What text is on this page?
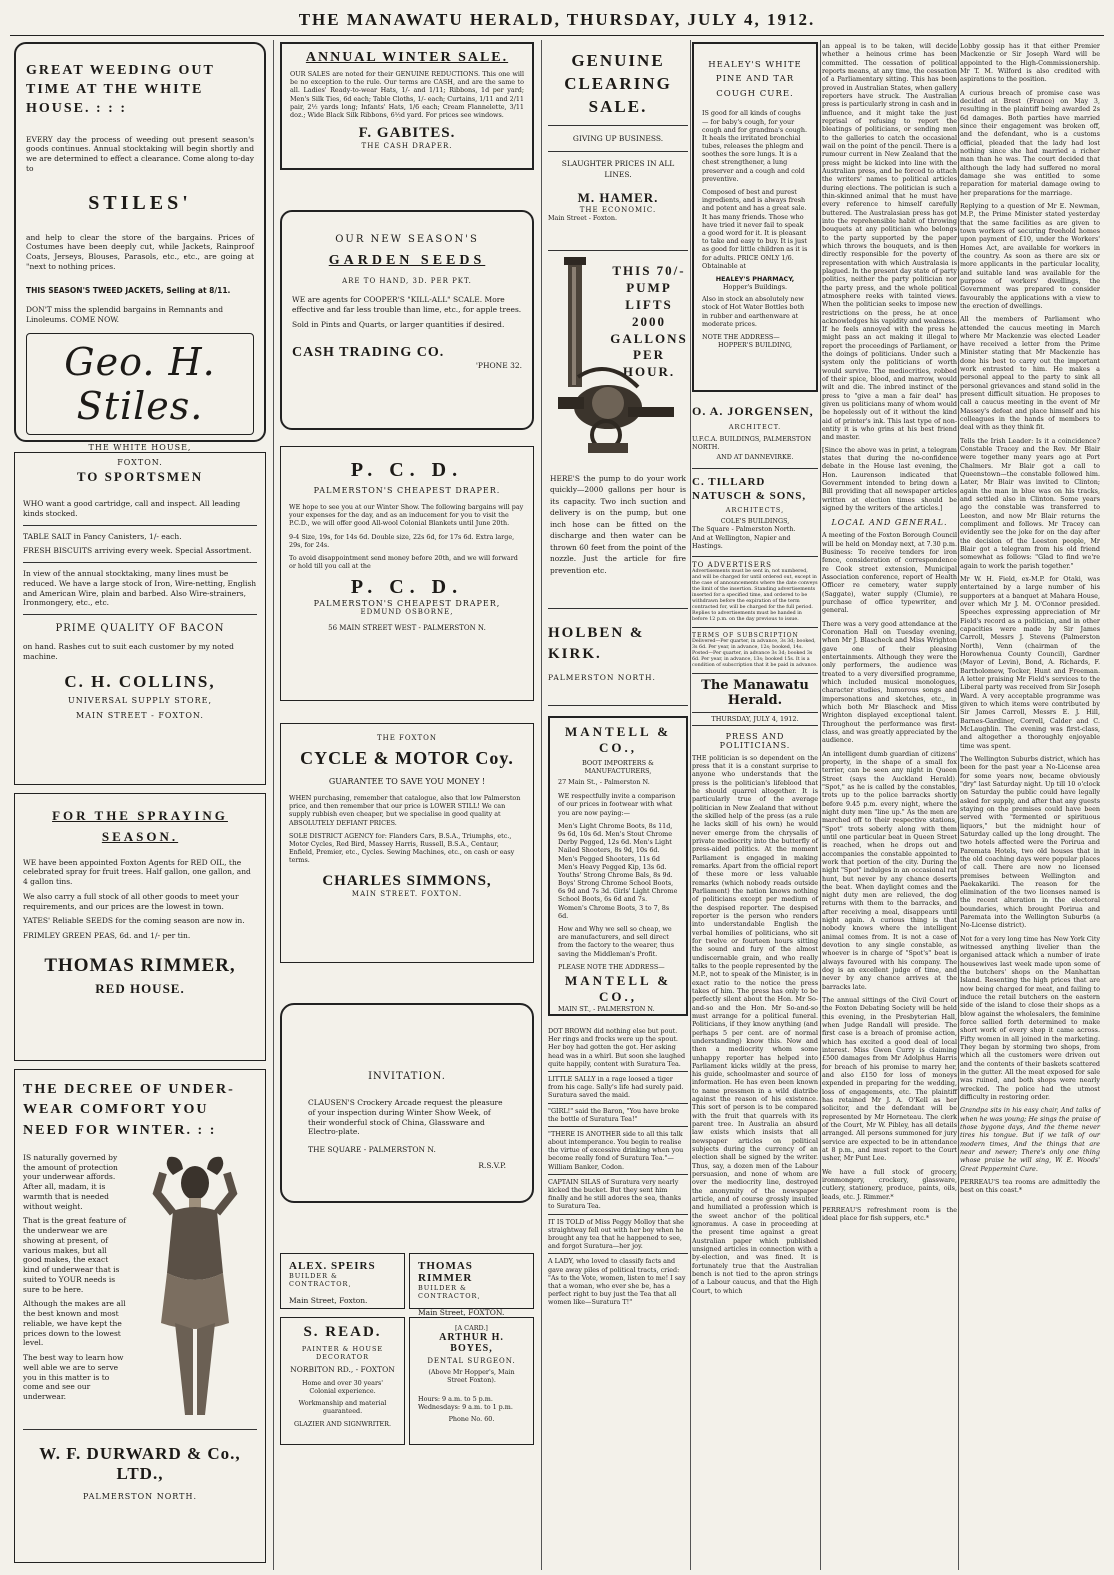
THE MANAWATU HERALD, THURSDAY, JULY 4, 1912.
GREAT WEEDING OUT TIME AT THE WHITE HOUSE. : : :
EVERY day the process of weeding out present season's goods continues. Annual stocktaking will begin shortly and we are determined to effect a clearance. Come along to-day to
STILES'
and help to clear the store of the bargains. Prices of Costumes have been deeply cut, while Jackets, Rainproof Coats, Jerseys, Blouses, Parasols, etc., etc., are going at "next to nothing prices.
THIS SEASON'S TWEED JACKETS, Selling at 8/11.
DON'T miss the splendid bargains in Remnants and Linoleums. COME NOW.
Geo. H. Stiles.
THE WHITE HOUSE,
FOXTON.
TO SPORTSMEN

WHO want a good cartridge, call and inspect. All leading kinds stocked.

TABLE SALT in Fancy Canisters, 1/- each.

FRESH BISCUITS arriving every week. Special Assortment.

In view of the annual stocktaking, many lines must be reduced. We have a large stock of Iron, Wire-netting, English and American Wire, plain and barbed. Also Wire-strainers, Ironmongery, etc., etc.

PRIME QUALITY OF BACON

on hand. Rashes cut to suit each customer by my noted machine.

C. H. COLLINS,
UNIVERSAL SUPPLY STORE,
MAIN STREET - FOXTON.
FOR THE SPRAYING SEASON.

WE have been appointed Foxton Agents for RED OIL, the celebrated spray for fruit trees. Half gallon, one gallon, and 4 gallon tins.

We also carry a full stock of all other goods to meet your requirements, and our prices are the lowest in town.

YATES' Reliable SEEDS for the coming season are now in.

FRIMLEY GREEN PEAS, 6d. and 1/- per tin.

THOMAS RIMMER,
RED HOUSE.
THE DECREE OF UNDER-WEAR COMFORT YOU NEED FOR WINTER. : :

IS naturally governed by the amount of protection your underwear affords. After all, madam, it is warmth that is needed without weight.

That is the great feature of the underwear we are showing at present, of various makes, but all good makes, the exact kind of underwear that is suited to YOUR needs is sure to be here.

Although the makes are all the best known and most reliable, we have kept the prices down to the lowest level.

The best way to learn how well able we are to serve you in this matter is to come and see our underwear.

W. F. DURWARD & Co., LTD.,
PALMERSTON NORTH.
ANNUAL WINTER SALE.
OUR SALES are noted for their GENUINE REDUCTIONS. This one will be no exception to the rule. Our terms are CASH, and are the same to all. Ladies' Ready-to-wear Hats, 1/- and 1/11; Ribbons, 1d per yard; Men's Silk Ties, 6d each; Table Cloths, 1/- each; Curtains, 1/11 and 2/11 pair, 2½ yards long; Infants' Hats, 1/6 each; Cream Flannelette, 3/11 doz.; Wide Black Silk Ribbons, 6½d yard. For prices see windows.
F. GABITES.
THE CASH DRAPER.
OUR NEW SEASON'S
GARDEN SEEDS
ARE TO HAND, 3D. PER PKT.

WE are agents for COOPER'S "KILL-ALL" SCALE. More effective and far less trouble than lime, etc., for apple trees.

Sold in Pints and Quarts, or larger quantities if desired.

CASH TRADING CO.
'PHONE 32.
P. C. D.
PALMERSTON'S CHEAPEST DRAPER.

WE hope to see you at our Winter Show. The following bargains will pay your expenses for the day, and as an inducement for you to visit the P.C.D., we will offer good All-wool Colonial Blankets until June 20th.

9-4 Size, 19s, for 14s 6d. Double size, 22s 6d, for 17s 6d. Extra large, 29s, for 24s.

To avoid disappointment send money before 20th, and we will forward or hold till you call at the

P. C. D.
PALMERSTON'S CHEAPEST DRAPER,
EDMUND OSBORNE,
56 MAIN STREET WEST - PALMERSTON N.
THE FOXTON
CYCLE & MOTOR Coy.
GUARANTEE TO SAVE YOU MONEY !

WHEN purchasing, remember that catalogue, also that low Palmerston price, and then remember that our price is LOWER STILL! We can supply rubbish even cheaper, but we specialise in good quality at ABSOLUTELY DEFIANT PRICES.

SOLE DISTRICT AGENCY for: Flanders Cars, B.S.A., Triumphs, etc., Motor Cycles, Red Bird, Massey Harris, Russell, B.S.A., Centaur, Enfield, Premier, etc., Cycles. Sewing Machines, etc., on cash or easy terms.

CHARLES SIMMONS,
MAIN STREET. FOXTON.
INVITATION.

CLAUSEN'S Crockery Arcade request the pleasure of your inspection during Winter Show Week, of their wonderful stock of China, Glassware and Electro-plate.

THE SQUARE - PALMERSTON N.
R.S.V.P.
ALEX. SPEIRS
BUILDER & CONTRACTOR,
Main Street, Foxton.
THOMAS RIMMER
BUILDER & CONTRACTOR,
Main Street, FOXTON.
S. READ.
PAINTER & HOUSE DECORATOR
NORBITON RD., - FOXTON
Home and over 30 years' Colonial experience.
Workmanship and material guaranteed.
GLAZIER AND SIGNWRITER.
[A CARD.]
ARTHUR H. BOYES,
DENTAL SURGEON.
(Above Mr Hopper's, Main Street Foxton).
Hours: 9 a.m. to 5 p.m. Wednesdays: 9 a.m. to 1 p.m.
Phone No. 60.
GENUINE
CLEARING
SALE.
GIVING UP BUSINESS.
SLAUGHTER PRICES IN ALL LINES.
M. HAMER.
THE ECONOMIC.
Main Street - Foxton.
THIS 70/- PUMP LIFTS 2000 GALLONS PER HOUR.
HERE'S the pump to do your work quickly—2000 gallons per hour is its capacity. Two inch suction and delivery is on the pump, but one inch hose can be fitted on the discharge and then water can be thrown 60 feet from the point of the nozzle. Just the article for fire prevention etc.
HOLBEN & KIRK.
PALMERSTON NORTH.
MANTELL & CO.,
BOOT IMPORTERS & MANUFACTURERS,
27 Main St., - Palmerston N.

WE respectfully invite a comparison of our prices in footwear with what you are now paying:—

Men's Light Chrome Boots, 8s 11d, 9s 6d, 10s 6d. Men's Stout Chrome Derby Pegged, 12s 6d. Men's Light Nailed Shooters, 8s 9d, 10s 6d. Men's Pegged Shooters, 11s 6d Men's Heavy Pegged Kip, 13s 6d. Youths' Strong Chrome Bals, 8s 9d. Boys' Strong Chrome School Boots, 6s 9d and 7s 3d. Girls' Light Chrome School Boots, 6s 6d and 7s. Women's Chrome Boots, 3 to 7, 8s 6d.

How and Why we sell so cheap, we are manufacturers, and sell direct from the factory to the wearer, thus saving the Middleman's Profit.

PLEASE NOTE THE ADDRESS—
MANTELL & CO.,
MAIN ST., - PALMERSTON N.
DOT BROWN did nothing else but pout. Her rings and frocks were up the spout. Her boy had gotten the got. Her asking head was in a whirl. But soon she laughed quite happily, content with Suratura Tea.
LITTLE SALLY in a rage loosed a tiger from his cage. Sally's life had surely paid. Suratura saved the maid.
"GIRL!" said the Baron, "You have broke the bottle of Suratura Tea!"
"THERE IS ANOTHER side to all this talk about intemperance. You begin to realise the virtue of excessive drinking when you become really fond of Suratura Tea."—William Banker, Codon.
CAPTAIN SILAS of Suratura very nearly kicked the bucket. But they sent him finally and he still adores the sea, thanks to Suratura Tea.
IT IS TOLD of Miss Peggy Molloy that she straightway fell out with her boy when he brought any tea that he happened to see, and forgot Suratura—her joy.
A LADY, who loved to classify facts and gave away piles of political tracts, cried: "As to the Vote, women, listen to me! I say that a woman, who ever she be, has a perfect right to buy just the Tea that all women like—Suratura T!"
HEALEY'S WHITE PINE AND TAR COUGH CURE.

IS good for all kinds of coughs — for baby's cough, for your cough and for grandma's cough. It heals the irritated bronchial tubes, releases the phlegm and soothes the sore lungs. It is a chest strengthener, a lung preserver and a cough and cold preventive.

Composed of best and purest ingredients, and is always fresh and potent and has a great sale. It has many friends. Those who have tried it never fail to speak a good word for it. It is pleasant to take and easy to buy. It is just as good for little children as it is for adults. PRICE ONLY 1/6. Obtainable at

HEALEY'S PHARMACY,
Hopper's Buildings.

Also in stock an absolutely new stock of Hot Water Bottles both in rubber and earthenware at moderate prices.

NOTE THE ADDRESS—
HOPPER'S BUILDING,
O. A. JORGENSEN,
ARCHITECT.
U.F.C.A. BUILDINGS, PALMERSTON NORTH.
AND AT DANNEVIRKE.
C. TILLARD NATUSCH & SONS,
ARCHITECTS,
COLE'S BUILDINGS,
The Square - Palmerston North.
And at Wellington, Napier and Hastings.
TO ADVERTISERS
Advertisements must be sent in, not numbered, and will be charged for until ordered out, except in the case of announcements where the date conveys the limit of the insertion. Standing advertisements inserted for a specified time, and ordered to be withdrawn before the expiration of the term contracted for, will be charged for the full period. Replies to advertisements must be handed in before 12 p.m. on the day previous to issue.
TERMS OF SUBSCRIPTION
Delivered—Per quarter, in advance, 3s 3d; booked, 3s 6d. Per year, in advance, 12s; booked, 14s. Posted—Per quarter, in advance 3s 3d; booked 3s 6d. Per year, in advance, 13s; booked 15s. It is a condition of subscription that it be paid in advance.
The Manawatu Herald.
THURSDAY, JULY 4, 1912.
PRESS AND POLITICIANS.
THE politician is so dependent on the press that it is a constant surprise to anyone who understands that the press is the politician's lifeblood that he should quarrel altogether. It is particularly true of the average politician in New Zealand that without the skilled help of the press (as a rule he lacks skill of his own) he would never emerge from the chrysalis of private mediocrity into the butterfly of press-aided politics. At the moment Parliament is engaged in making remarks. Apart from the official report of these more or less valuable remarks (which nobody reads outside Parliament) the nation knows nothing of politicians except per medium of the despised reporter. The despised reporter is the person who renders into understandable English the verbal homilies of politicians, who sit for twelve or fourteen hours sitting the sound and fury of the almost undiscernable grain, and who really talks to the people represented by the M.P., not to speak of the Minister, is in exact ratio to the notice the press takes of him. The press has only to be perfectly silent about the Hon. Mr So-and-so and the Hon. Mr So-and-so must arrange for a political funeral. Politicians, if they know anything (and perhaps 5 per cent. are of normal understanding) know this. Now and then a mediocrity whom some unhappy reporter has helped into Parliament kicks wildly at the press, his guide, schoolmaster and source of information. He has even been known to name pressmen in a wild diatribe against the reason of his existence. This sort of person is to be compared with the fruit that quarrels with its parent tree. In Australia an absurd law exists which insists that all newspaper articles on political subjects during the currency of an election shall be signed by the writer. Thus, say, a dozen men of the Labour persuasion, and none of whom are over the mediocrity line, destroyed the anonymity of the newspaper article, and of course grossly insulted and humiliated a profession which is the sweet anchor of the political ignoramus. A case in proceeding at the present time against a great Australian paper which published unsigned articles in connection with a by-election, and was fined. It is fortunately true that the Australian bench is not tied to the apron strings of a Labour caucus, and that the High Court, to which
an appeal is to be taken, will decide whether a heinous crime has been committed. The cessation of political reports means, at any time, the cessation of a Parliamentary sitting. This has been proved in Australian States, when gallery reporters have struck. The Australian press is particularly strong in cash and in influence, and it might take the just reprisal of refusing to report the bleatings of politicians, or sending men to the galleries to catch the occasional wail on the point of the pencil. There is a rumour current in New Zealand that the press might be kicked into line with the Australian press, and be forced to attach the writers' names to political articles during elections. The politician is such a thin-skinned animal that he must have every reference to himself carefully buttered. The Australasian press has got into the reprehensible habit of throwing bouquets at any politician who belongs to the party supported by the paper which throws the bouquets, and is then directly responsible for the poverty of representation with which Australasia is plagued. In the present day state of party politics, neither the party politician nor the party press, and the whole political atmosphere reeks with tainted views. When the politician seeks to impose new restrictions on the press, he at once acknowledges his vapidity and weakness. If he feels annoyed with the press he might pass an act making it illegal to report the proceedings of Parliament, or the doings of politicians. Under such a system only the politicians of worth would survive. The mediocrities, robbed of their spice, blood, and marrow, would wilt and die. The inbred instinct of the press to "give a man a fair deal" has given us politicians many of whom would be hopelessly out of it without the kind aid of printer's ink. This last type of non-entity it is who grins at his best friend and master.
[Since the above was in print, a telegram states that during the no-confidence debate in the House last evening, the Hon. Laurenson indicated that Government intended to bring down a Bill providing that all newspaper articles written at election times should be signed by the writers of the articles.]
LOCAL AND GENERAL.

A meeting of the Foxton Borough Council will be held on Monday next, at 7.30 p.m. Business: To receive tenders for iron fence, consideration of correspondence re Cook street extension, Municipal Association conference, report of Health Officer re cemetery, water supply (Saggate), water supply (Clumie), re purchase of office typewriter, and general.

There was a very good attendance at the Coronation Hall on Tuesday evening, when Mr J. Blascheck and Miss Wrighton gave one of their pleasing entertainments. Although they were the only performers, the audience was treated to a very diversified programme, which included musical monologues, character studies, humorous songs and impersonations and sketches, etc., in which both Mr Blascheck and Miss Wrighton displayed exceptional talent. Throughout the performance was first-class, and was greatly appreciated by the audience.

An intelligent dumb guardian of citizens' property, in the shape of a small fox terrier, can be seen any night in Queen Street (says the Auckland Herald). "Spot," as he is called by the constables, trots up to the police barracks shortly before 9.45 p.m. every night, where the night duty men "line up." As the men are marched off to their respective stations, "Spot" trots soberly along with them until one particular beat in Queen Street is reached, when he drops out and accompanies the constable appointed to work that portion of the city. During the night "Spot" indulges in an occasional rat hunt, but never by any chance deserts the beat. When daylight comes and the night duty men are relieved, the dog returns with them to the barracks, and after receiving a meal, disappears until night again. A curious thing is that nobody knows where the intelligent animal comes from. It is not a case of devotion to any single constable, as whoever is in charge of "Spot's" beat is always favoured with his company. The dog is an excellent judge of time, and never by any chance arrives at the barracks late.

The annual sittings of the Civil Court of the Foxton Debating Society will be held this evening, in the Presbyterian Hall, when Judge Randall will preside. The first case is a breach of promise action, which has excited a good deal of local interest. Miss Gwen Curry is claiming £500 damages from Mr Adolphus Harris for breach of his promise to marry her, and also £150 for loss of moneys expended in preparing for the wedding, loss of engagements, etc. The plaintiff has retained Mr J. A. O'Kell as her solicitor, and the defendant will be represented by Mr Horneteau. The clerk of the Court, Mr W. Pibley, has all details arranged. All persons summoned for jury service are expected to be in attendance at 8 p.m., and must report to the Court usher, Mr Punt Lee.

We have a full stock of grocery, ironmongery, crockery, glassware, cutlery, stationery, produce, paints, oils, leads, etc. J. Rimmer.*

PERREAU'S refreshment room is the ideal place for fish suppers, etc.*

Lobby gossip has it that either Premier Mackenzie or Sir Joseph Ward will be appointed to the High-Commissionership. Mr T. M. Wilford is also credited with aspirations to the position.

A curious breach of promise case was decided at Brest (France) on May 3, resulting in the plaintiff being awarded 2s 6d damages. Both parties have married since their engagement was broken off, and the defendant, who is a customs official, pleaded that the lady had lost nothing since she had married a richer man than he was. The court decided that although the lady had suffered no moral damage she was entitled to some reparation for material damage owing to her preparations for the marriage.

Replying to a question of Mr E. Newman, M.P., the Prime Minister stated yesterday that the same facilities as are given to town workers of securing freehold homes upon payment of £10, under the Workers' Homes Act, are available for workers in the country. As soon as there are six or more applicants in the particular locality, and suitable land was available for the purpose of workers' dwellings, the Government was prepared to consider favourably the applications with a view to the erection of dwellings.

All the members of Parliament who attended the caucus meeting in March where Mr Mackenzie was elected Leader have received a letter from the Prime Minister stating that Mr Mackenzie has done his best to carry out the important work entrusted to him. He makes a personal appeal to the party to sink all personal grievances and stand solid in the present difficult situation. He proposes to call a caucus meeting in the event of Mr Massey's defeat and place himself and his colleagues in the hands of members to deal with as they think fit.

Tells the Irish Leader: Is it a coincidence? Constable Tracey and the Rev. Mr Blair were together many years ago at Port Chalmers. Mr Blair got a call to Queenstown—the constable followed him. Later, Mr Blair was invited to Clinton; again the man in blue was on his tracks, and settled also in Clinton. Some years ago the constable was transferred to Leeston, and now Mr Blair returns the compliment and follows. Mr Tracey can evidently see the joke for on the day after the decision of the Leeston people, Mr Blair got a telegram from his old friend somewhat as follows: "Glad to find we're again to work the parish together."

Mr W. H. Field, ex-M.P. for Otaki, was entertained by a large number of his supporters at a banquet at Mahara House, over which Mr J. M. O'Connor presided. Speeches expressing appreciation of Mr Field's record as a politician, and in other capacities were made by Sir James Carroll, Messrs J. Stevens (Palmerston North), Venn (chairman of the Horowhenua County Council), Gardner (Mayor of Levin), Bond, A. Richards, F. Bartholomew, Tocker, Hunt and Freeman. A letter praising Mr Field's services to the Liberal party was received from Sir Joseph Ward. A very acceptable programme was given to which items were contributed by Sir James Carroll, Messrs E. J. Hill, Barnes-Gardiner, Correll, Calder and C. McLaughlin. The evening was first-class, and altogether a thoroughly enjoyable time was spent.

The Wellington Suburbs district, which has been for the past year a No-License area for some years now, became obviously "dry" last Saturday night. Up till 10 o'clock on Saturday the public could have legally asked for supply, and after that any guests staying on the premises could have been served with "fermented or spirituous liquors," but the midnight hour of Saturday called up the long drought. The two hotels affected were the Porirua and Paremata Hotels, two old houses that in the old coaching days were popular places of call. There are now no licensed premises between Wellington and Paekakariki. The reason for the elimination of the two licenses named is the recent alteration in the electoral boundaries, which brought Porirua and Paremata into the Wellington Suburbs (a No-License district).

Not for a very long time has New York City witnessed anything livelier than the organised attack which a number of irate housewives last week made upon some of the butchers' shops on the Manhattan Island. Resenting the high prices that are now being charged for meat, and failing to induce the retail butchers on the eastern side of the island to close their shops as a blow against the wholesalers, the feminine force sallied forth determined to make short work of every shop it came across. Fifty women in all joined in the marketing. They began by storming two shops, from which all the customers were driven out and the contents of their baskets scattered in the gutter. All the meat exposed for sale was ruined, and both shops were nearly wrecked. The police had the utmost difficulty in restoring order.

Grandpa sits in his easy chair, And talks of when he was young; He sings the praise of those bygone days, And the theme never tires his tongue. But if we talk of our modern times, And the things that are near and newer; There's only one thing whose praise he will sing, W. E. Woods' Great Peppermint Cure.

PERREAU'S tea rooms are admittedly the best on this coast.*
